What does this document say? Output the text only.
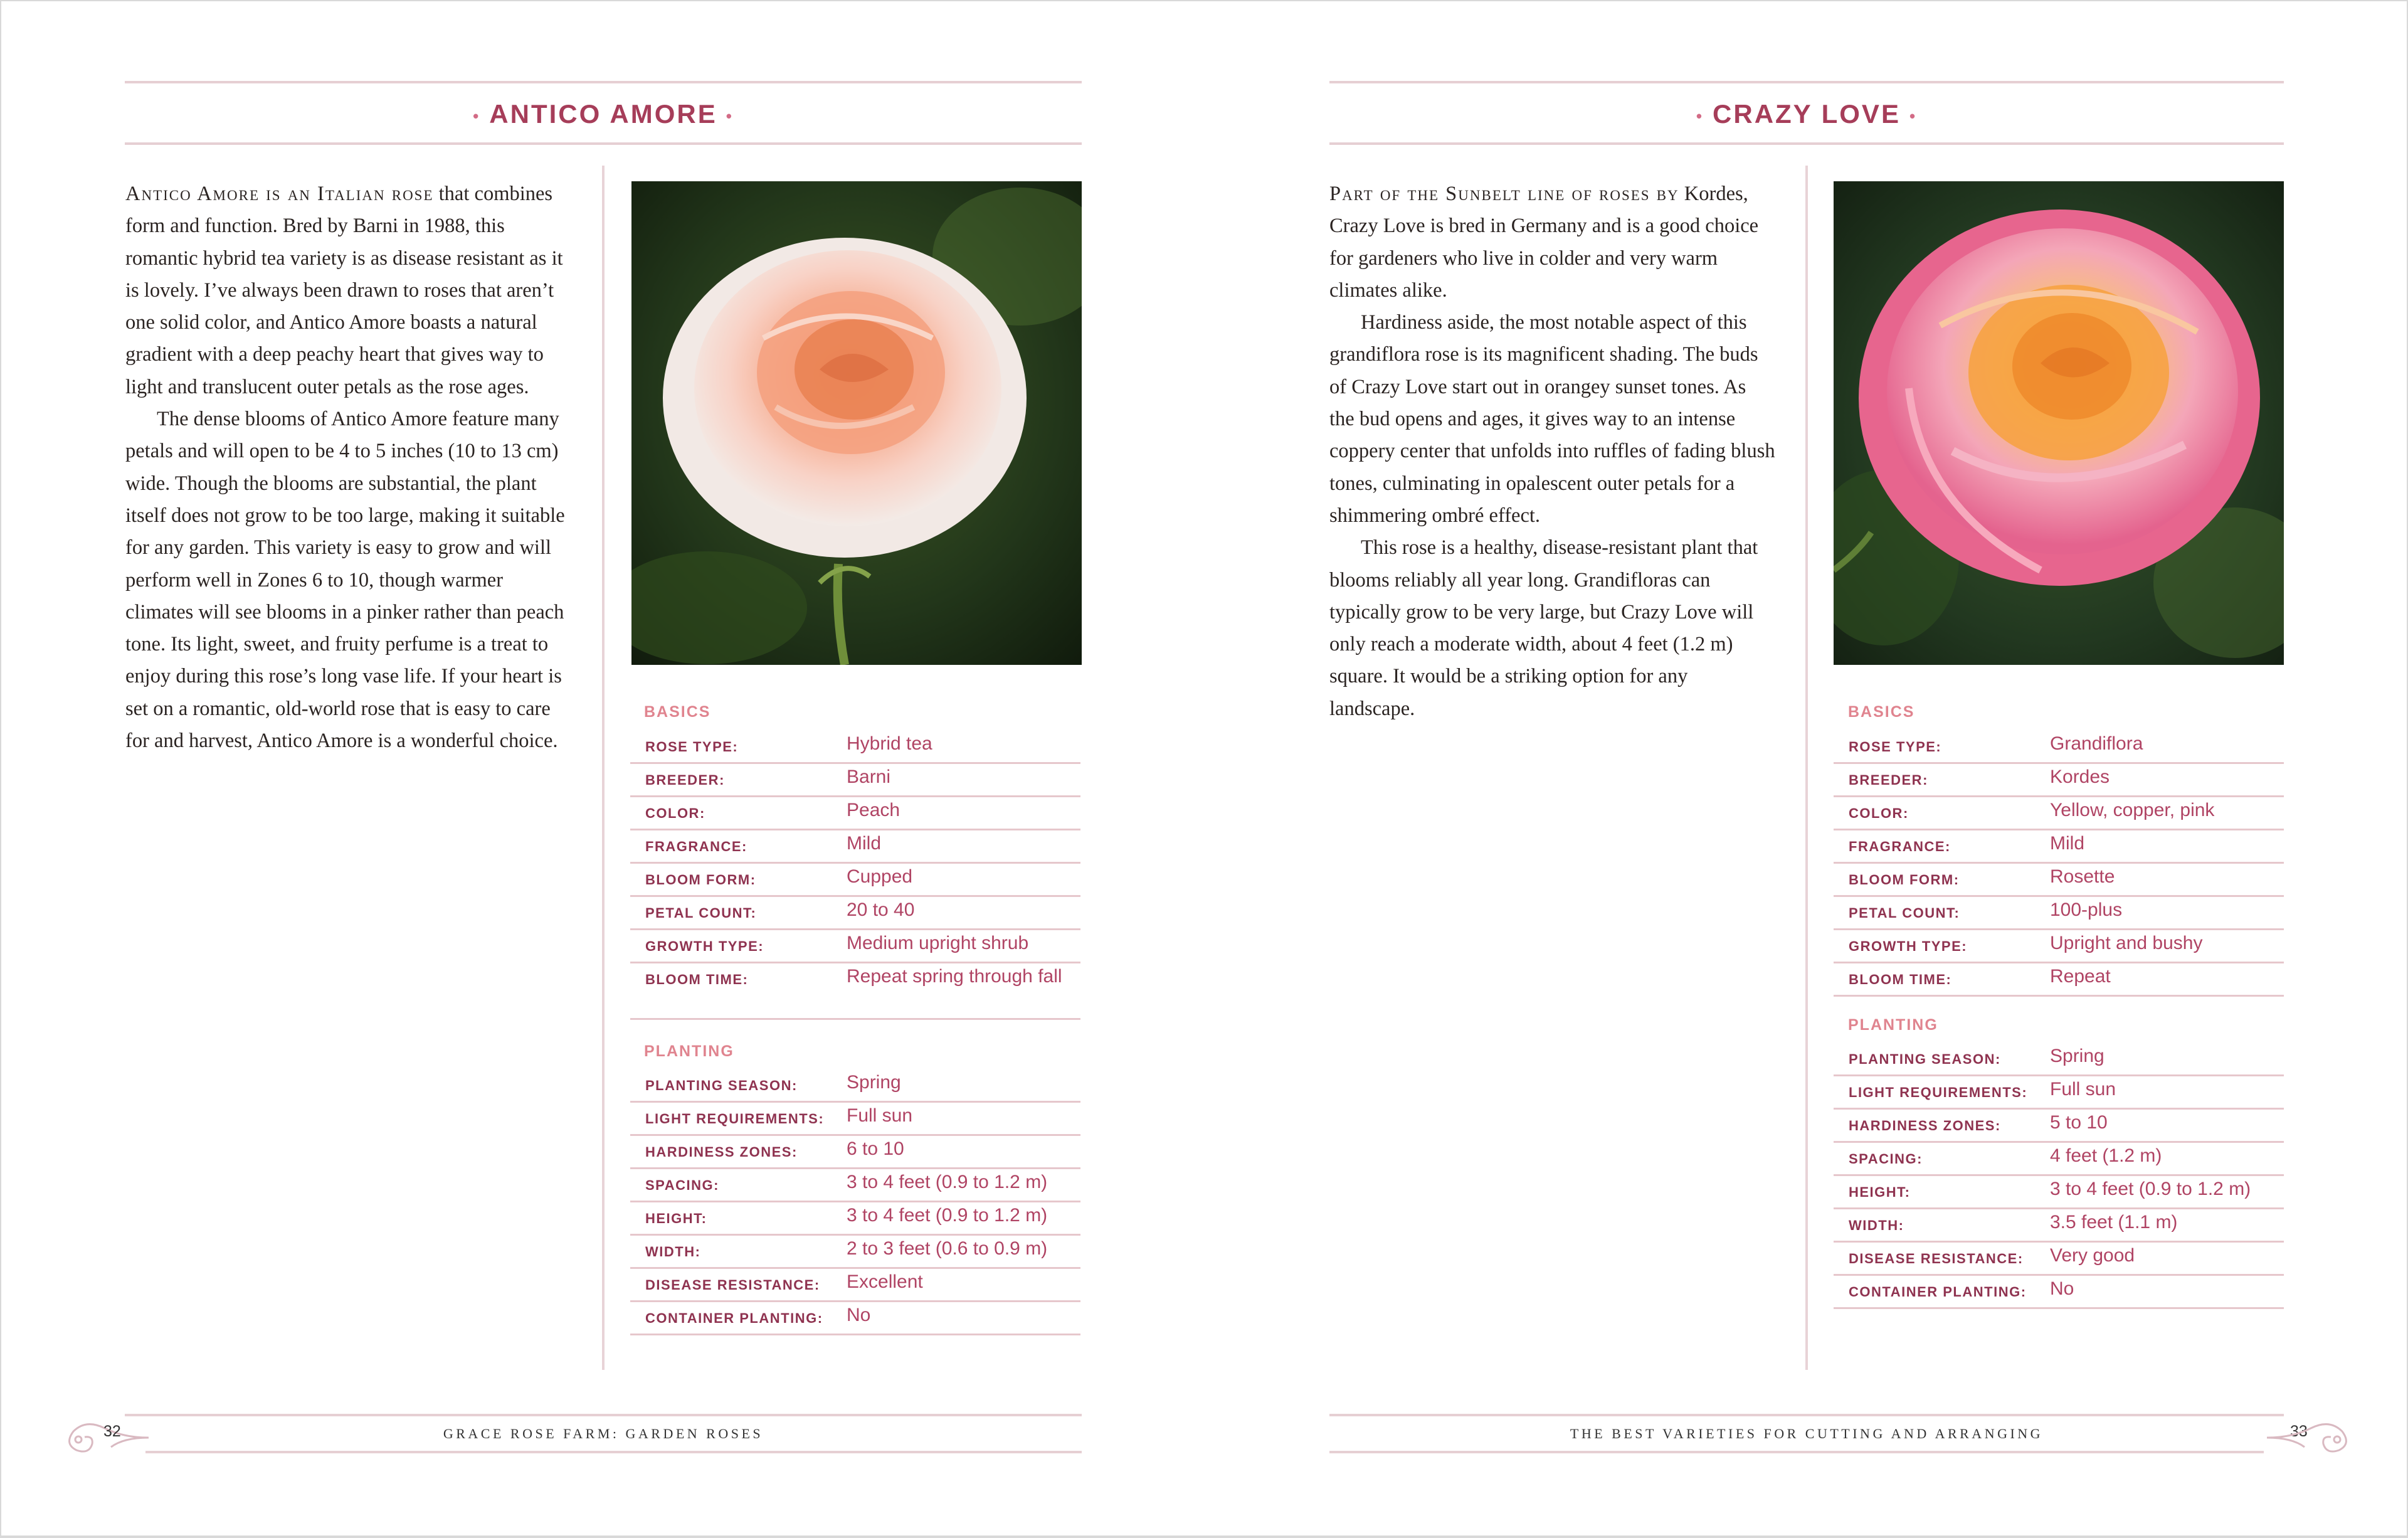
• ANTICO AMORE •

Antico Amore is an Italian rose that combines form and function. Bred by Barni in 1988, this romantic hybrid tea variety is as disease resistant as it is lovely. I’ve always been drawn to roses that aren’t one solid color, and Antico Amore boasts a natural gradient with a deep peachy heart that gives way to light and translucent outer petals as the rose ages.

The dense blooms of Antico Amore feature many petals and will open to be 4 to 5 inches (10 to 13 cm) wide. Though the blooms are substantial, the plant itself does not grow to be too large, making it suitable for any garden. This variety is easy to grow and will perform well in Zones 6 to 10, though warmer climates will see blooms in a pinker rather than peach tone. Its light, sweet, and fruity perfume is a treat to enjoy during this rose’s long vase life. If your heart is set on a romantic, old-world rose that is easy to care for and harvest, Antico Amore is a wonderful choice.

BASICS
ROSE TYPE:	Hybrid tea
BREEDER:	Barni
COLOR:	Peach
FRAGRANCE:	Mild
BLOOM FORM:	Cupped
PETAL COUNT:	20 to 40
GROWTH TYPE:	Medium upright shrub
BLOOM TIME:	Repeat spring through fall
PLANTING
PLANTING SEASON:	Spring
LIGHT REQUIREMENTS: Full sun
HARDINESS ZONES:	6 to 10
SPACING:	3 to 4 feet (0.9 to 1.2 m)
HEIGHT:	3 to 4 feet (0.9 to 1.2 m)
WIDTH:	2 to 3 feet (0.6 to 0.9 m)
DISEASE RESISTANCE: Excellent
CONTAINER PLANTING: No
32	GRACE ROSE FARM: GARDEN ROSES
• CRAZY LOVE •

Part of the Sunbelt line of roses by Kordes, Crazy Love is bred in Germany and is a good choice for gardeners who live in colder and very warm climates alike.

Hardiness aside, the most notable aspect of this grandiflora rose is its magnificent shading. The buds of Crazy Love start out in orangey sunset tones. As the bud opens and ages, it gives way to an intense coppery center that unfolds into ruffles of fading blush tones, culminating in opalescent outer petals for a shimmering ombré effect.

This rose is a healthy, disease-resistant plant that blooms reliably all year long. Grandifloras can typically grow to be very large, but Crazy Love will only reach a moderate width, about 4 feet (1.2 m) square. It would be a striking option for any landscape.	BASICS
ROSE TYPE:	Grandiflora
BREEDER:	Kordes
COLOR:	Yellow, copper, pink
FRAGRANCE:	Mild
BLOOM FORM:	Rosette
PETAL COUNT:	100-plus
GROWTH TYPE:	Upright and bushy
BLOOM TIME:	Repeat
PLANTING
PLANTING SEASON:	Spring
LIGHT REQUIREMENTS: Full sun
HARDINESS ZONES:	5 to 10
SPACING:	4 feet (1.2 m)
HEIGHT:	3 to 4 feet (0.9 to 1.2 m)
WIDTH:	3.5 feet (1.1 m)
DISEASE RESISTANCE: Very good
CONTAINER PLANTING: No
THE BEST VARIETIES FOR CUTTING AND ARRANGING	33
